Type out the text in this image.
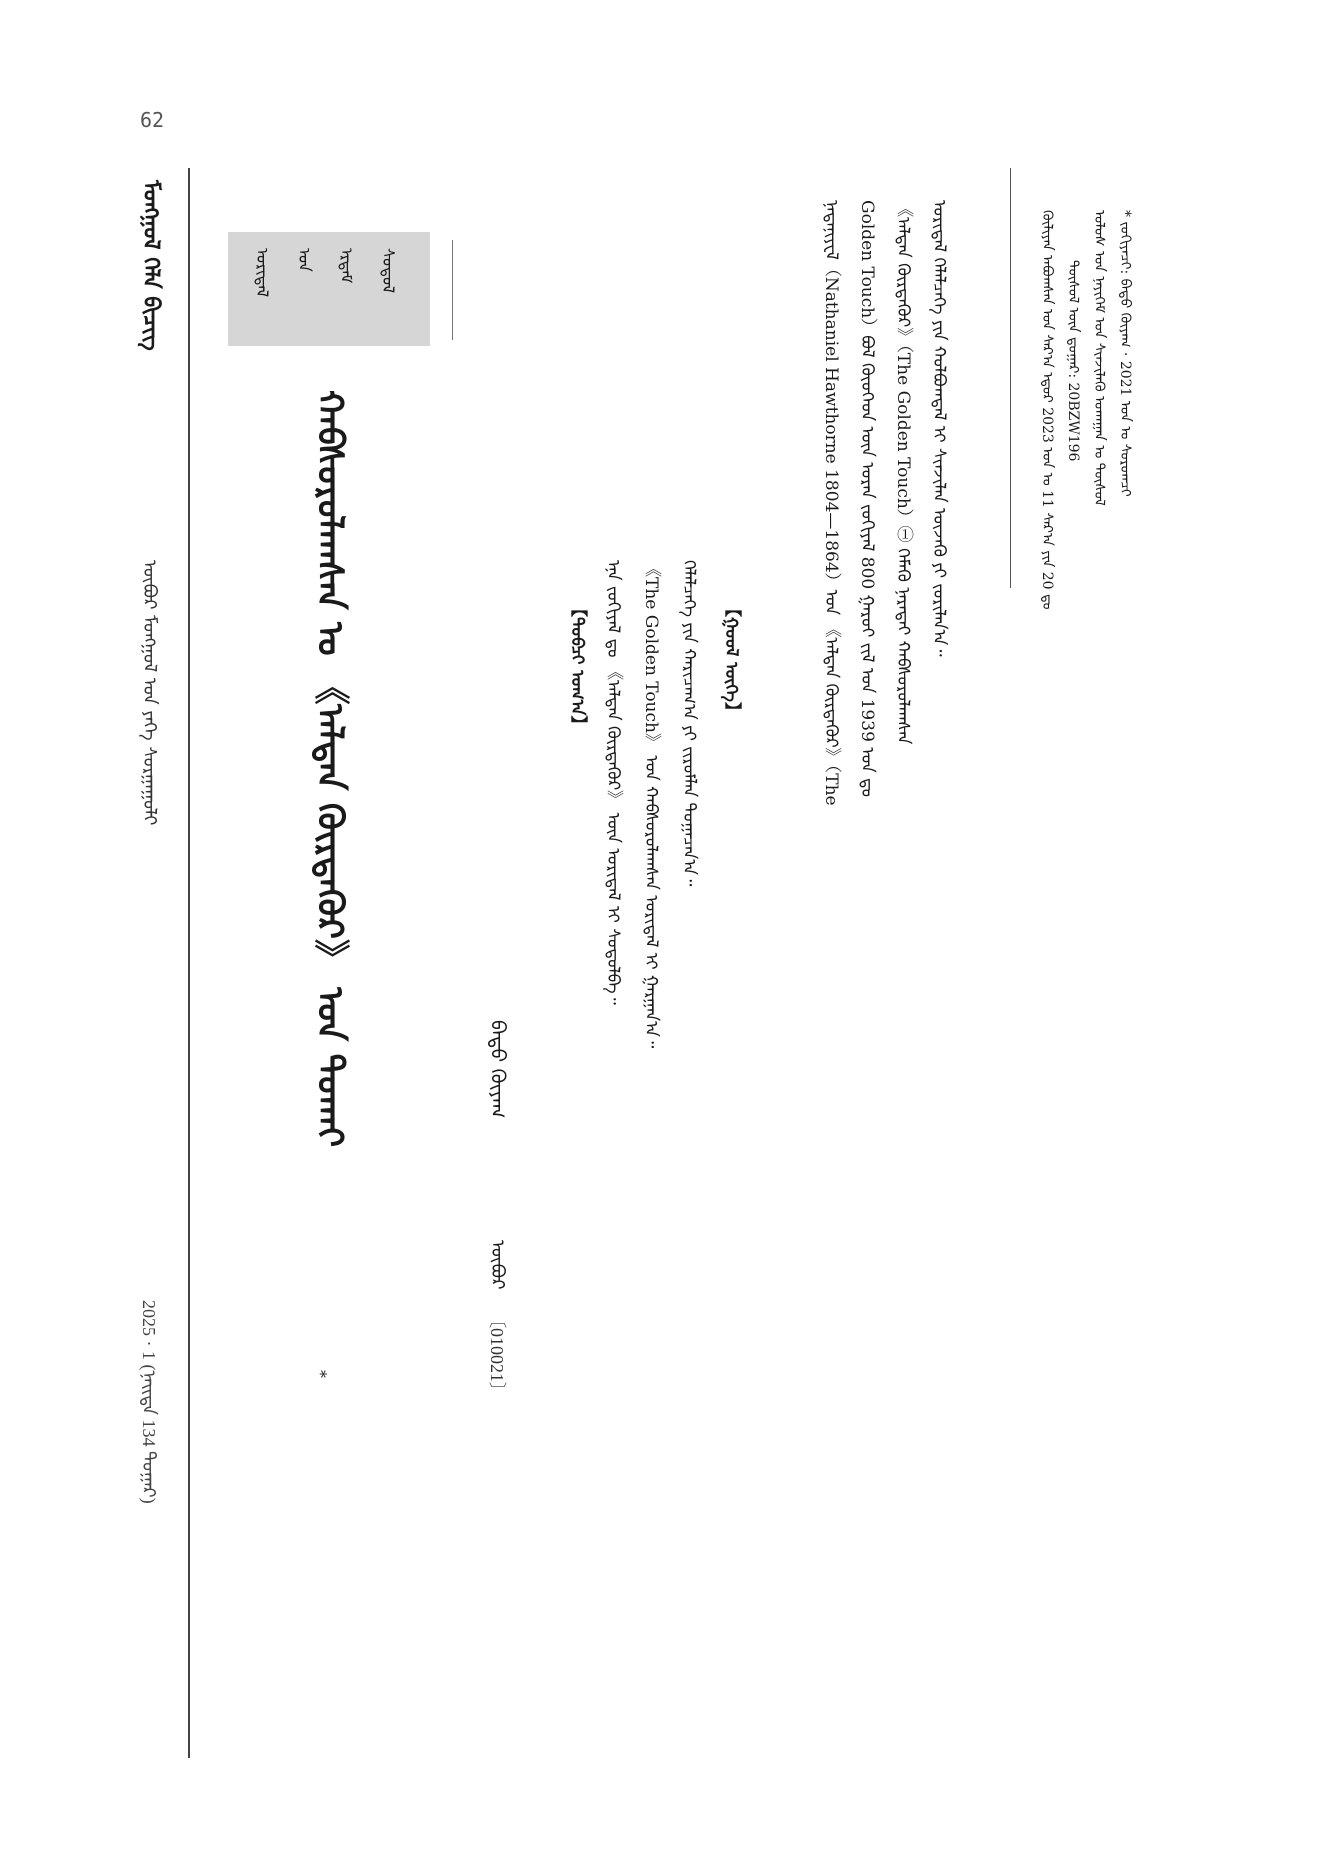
62
ᠮᠣᠩᠭᠣᠯ ᠬᠡᠯᠡ ᠪᠢᠴᠢᠭ
ᠥᠪᠥᠷ ᠮᠣᠩᠭᠣᠯ ᠤᠨ ᠶᠡᠬᠡ ᠰᠤᠷᠭᠠᠭᠤᠯᠢ
2025 · 1 (ᠨᠡᠢᠲᠡ 134 ᠳᠤᠭᠠᠷ)
ᠤᠷᠢᠳᠠᠯ	ᠤᠨ	ᠡᠷᠳᠡᠮ	ᠰᠤᠳᠤᠯ
ᠬᠠᠪᠰᠤᠷᠤᠯᠠᠭᠰᠠᠨ ᠤ 《ᠠᠯᠲᠠᠨ ᠬᠦᠷᠲᠡᠭᠦᠷ》 ᠤᠨ ᠲᠤᠬᠠᠢ
*
ᠪᠠᠲᠤ ᠬᠦᠶᠠᠭ
ᠥᠪᠥᠷ
〔010021〕
【ᠲᠣᠪᠴᠢ ᠤᠭ᠎ᠠ】 ᠡᠨᠡ ᠵᠣᠬᠢᠶᠠᠯ ᠳᠤ 《ᠠᠯᠲᠠᠨ ᠬᠦᠷᠲᠡᠭᠦᠷ》 ᠦᠨ ᠤᠷᠢᠳᠠᠯ ᠢ ᠰᠤᠳᠤᠯᠪᠠ᠃ 《The Golden Touch》 ᠤᠨ ᠬᠠᠪᠰᠤᠷᠤᠯᠠᠭᠰᠠᠨ ᠤᠷᠢᠳᠠᠯ ᠢ ᠭᠠᠷᠭᠠᠨ᠎ᠠ᠃ ᠬᠡᠯᠡᠯᠴᠡᠭᠡ ᠶᠢᠨ ᠬᠠᠷᠢᠴᠠᠭ᠎ᠠ ᠶᠢ ᠵᠢᠷᠤᠮᠯᠠᠨ ᠲᠣᠭᠠᠴᠠᠨ᠎ᠠ᠃ 【ᠭᠣᠣᠯ ᠦᠭᠡ】	ᠨᠠᠲᠠᠨᠢᠶᠧᠯ（Nathaniel Hawthorne 1804—1864）ᠤᠨ 《ᠠᠯᠲᠠᠨ ᠬᠦᠷᠲᠡᠭᠦᠷ》（The Golden Touch）ᠪᠣᠯ ᠬᠦᠦᠬᠡᠳ ᠦᠨ ᠤᠷᠠᠨ ᠵᠣᠬᠢᠶᠠᠯ 800 ᠭᠠᠷᠤᠢ ᠵᠢᠯ ᠤᠨ 1939 ᠣᠨ ᠳᠤ 《ᠠᠯᠲᠠᠨ ᠬᠦᠷᠲᠡᠭᠦᠷ》（The Golden Touch）① ᠬᠡᠮᠡᠬᠦ ᠨᠡᠷᠡᠲᠡᠢ ᠬᠠᠪᠰᠤᠷᠤᠯᠠᠭᠰᠠᠨ ᠤᠷᠢᠳᠠᠯ ᠬᠡᠯᠡᠯᠴᠡᠭᠡ ᠶᠢᠨ ᠬᠣᠯᠪᠣᠭᠳᠠᠯ ᠢ ᠰᠢᠨᠵᠢᠯᠡᠨ ᠦᠵᠡᠬᠦ ᠶᠢ ᠵᠣᠷᠢᠯᠠᠨ᠎ᠠ᠃	ᠬᠦᠯᠢᠶᠡᠨ ᠠᠪᠤᠭᠰᠠᠨ ᠣᠨ ᠰᠠᠷ᠎ᠠ ᠡᠳᠦᠷ 2023 ᠣᠨ ᠤ 11 ᠰᠠᠷ᠎ᠠ ᠶᠢᠨ 20 ᠳᠤ ᠲᠦᠰᠦᠯ ᠦᠨ ᠳ᠋ᠤᠭᠠᠷ: 20BZW196 ᠤᠯᠤᠰ ᠤᠨ ᠨᠡᠶᠢᠭᠡᠮ ᠤᠨ ᠰᠢᠨᠵᠢᠯᠡᠬᠦ ᠤᠬᠠᠭᠠᠨ ᠤ ᠲᠦᠰᠦᠯ * ᠵᠣᠬᠢᠶᠠᠴᠢ: ᠪᠠᠲᠤ ᠬᠦᠶᠠᠭ · 2021 ᠣᠨ ᠤ ᠰᠤᠷᠤᠭᠴᠢ
